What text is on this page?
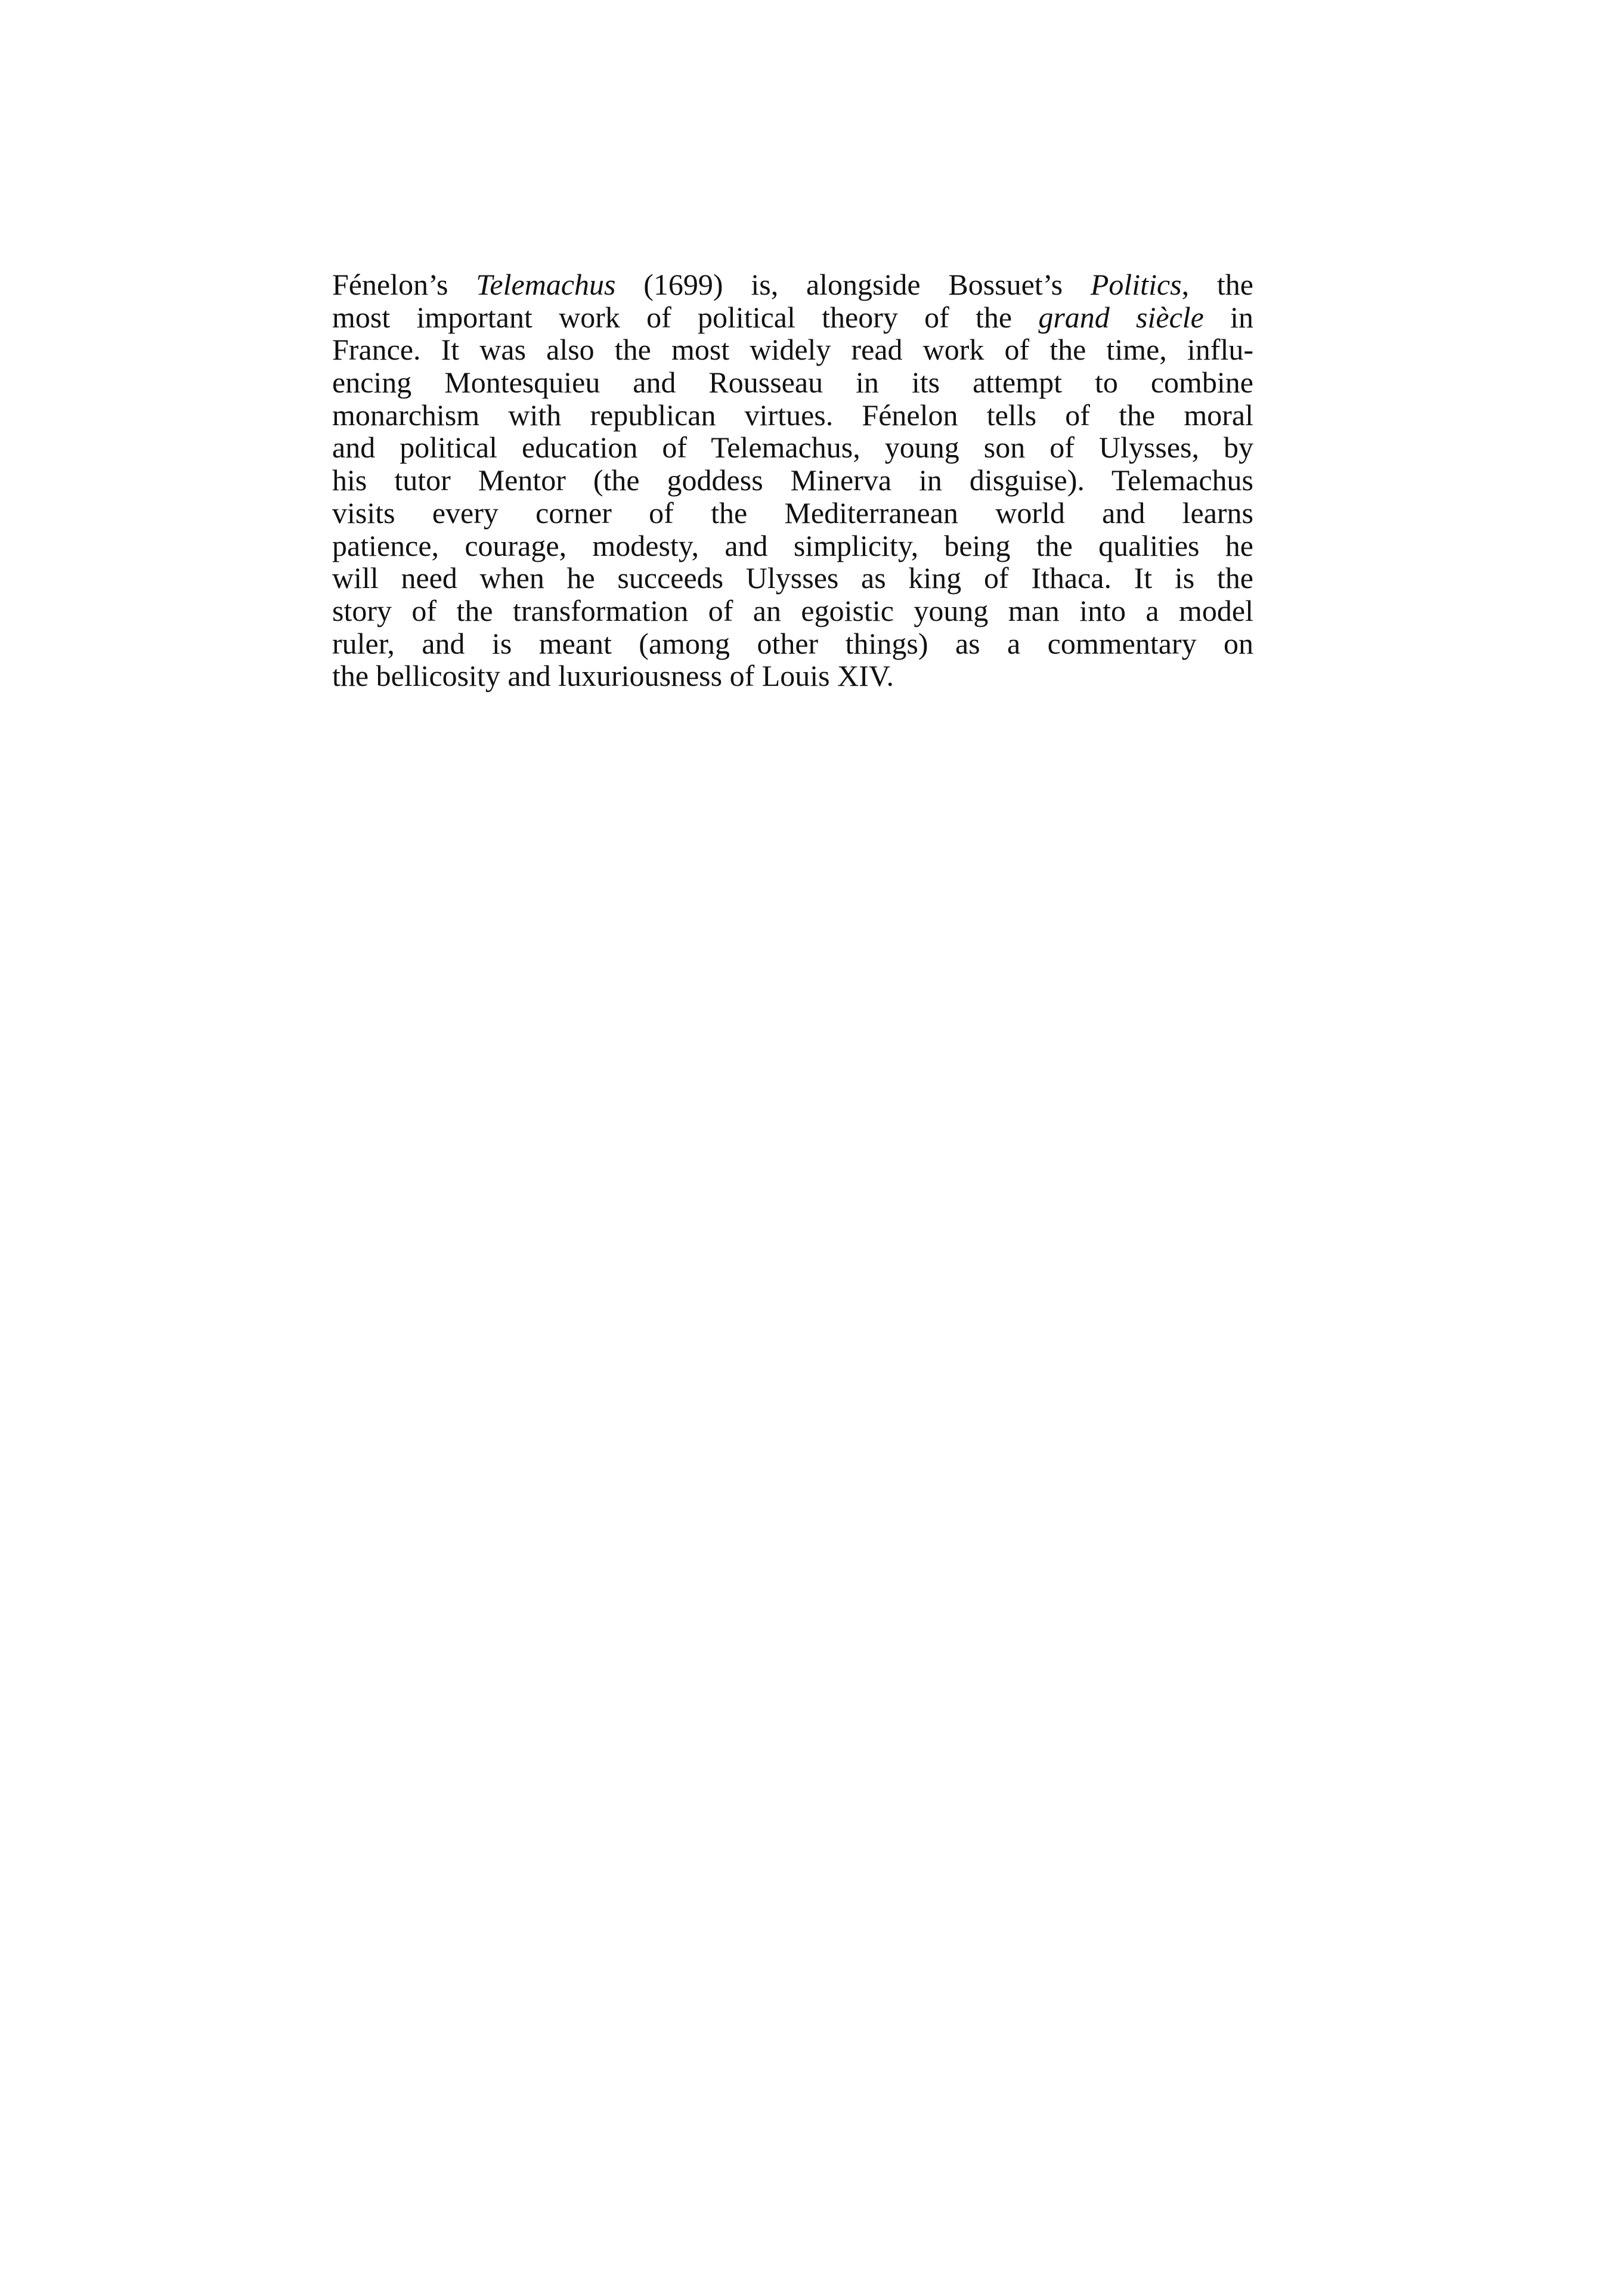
Fénelon’s Telemachus (1699) is, alongside Bossuet’s Politics, the
most important work of political theory of the grand siècle in
France. It was also the most widely read work of the time, influ-
encing Montesquieu and Rousseau in its attempt to combine
monarchism with republican virtues. Fénelon tells of the moral
and political education of Telemachus, young son of Ulysses, by
his tutor Mentor (the goddess Minerva in disguise). Telemachus
visits every corner of the Mediterranean world and learns
patience, courage, modesty, and simplicity, being the qualities he
will need when he succeeds Ulysses as king of Ithaca. It is the
story of the transformation of an egoistic young man into a model
ruler, and is meant (among other things) as a commentary on
the bellicosity and luxuriousness of Louis XIV.
